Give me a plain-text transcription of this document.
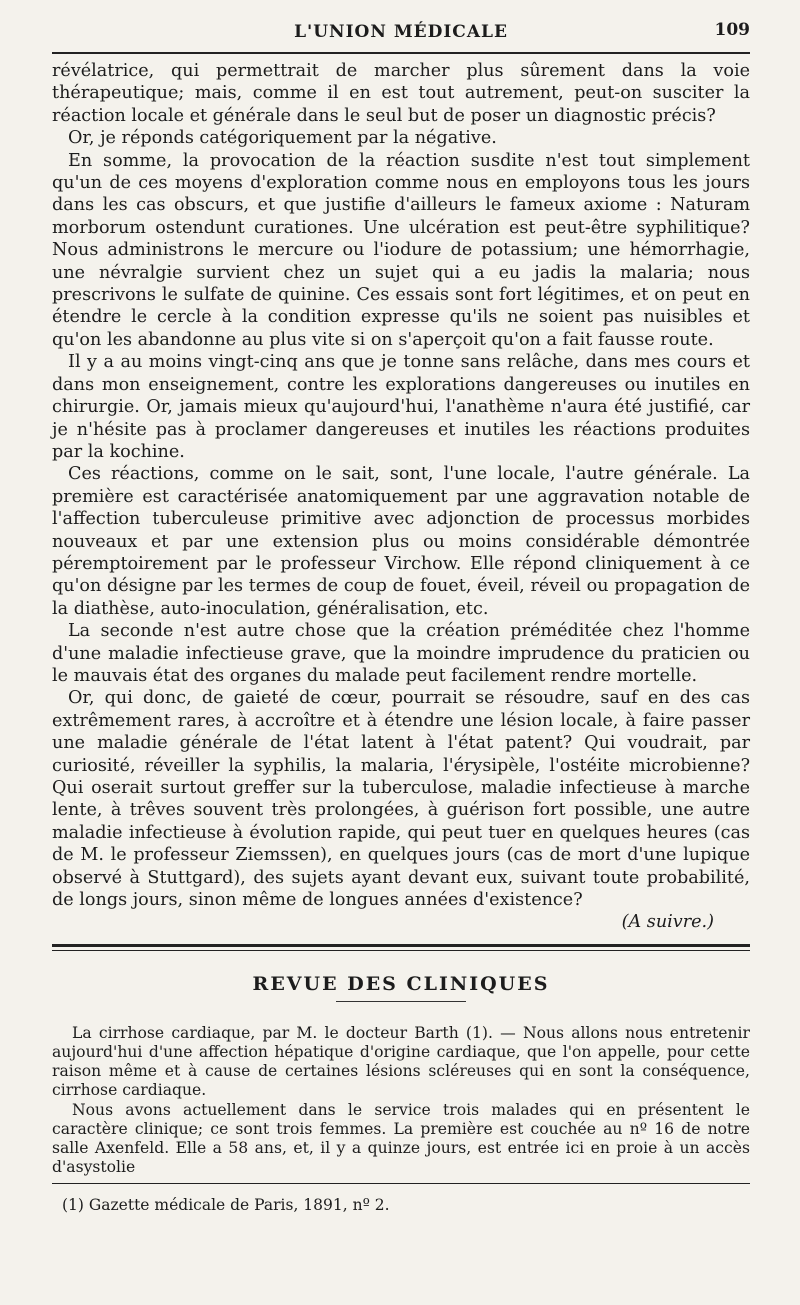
L'UNION MÉDICALE	109

révélatrice, qui permettrait de marcher plus sûrement dans la voie thérapeutique; mais, comme il en est tout autrement, peut-on susciter la réaction locale et générale dans le seul but de poser un diagnostic précis?

Or, je réponds catégoriquement par la négative.

En somme, la provocation de la réaction susdite n'est tout simplement qu'un de ces moyens d'exploration comme nous en employons tous les jours dans les cas obscurs, et que justifie d'ailleurs le fameux axiome : Naturam morborum ostendunt curationes. Une ulcération est peut-être syphilitique? Nous administrons le mercure ou l'iodure de potassium; une hémorrhagie, une névralgie survient chez un sujet qui a eu jadis la malaria; nous prescrivons le sulfate de quinine. Ces essais sont fort légitimes, et on peut en étendre le cercle à la condition expresse qu'ils ne soient pas nuisibles et qu'on les abandonne au plus vite si on s'aperçoit qu'on a fait fausse route.

Il y a au moins vingt-cinq ans que je tonne sans relâche, dans mes cours et dans mon enseignement, contre les explorations dangereuses ou inutiles en chirurgie. Or, jamais mieux qu'aujourd'hui, l'anathème n'aura été justifié, car je n'hésite pas à proclamer dangereuses et inutiles les réactions produites par la kochine.

Ces réactions, comme on le sait, sont, l'une locale, l'autre générale. La première est caractérisée anatomiquement par une aggravation notable de l'affection tuberculeuse primitive avec adjonction de processus morbides nouveaux et par une extension plus ou moins considérable démontrée péremptoirement par le professeur Virchow. Elle répond cliniquement à ce qu'on désigne par les termes de coup de fouet, éveil, réveil ou propagation de la diathèse, auto-inoculation, généralisation, etc.

La seconde n'est autre chose que la création préméditée chez l'homme d'une maladie infectieuse grave, que la moindre imprudence du praticien ou le mauvais état des organes du malade peut facilement rendre mortelle.

Or, qui donc, de gaieté de cœur, pourrait se résoudre, sauf en des cas extrêmement rares, à accroître et à étendre une lésion locale, à faire passer une maladie générale de l'état latent à l'état patent? Qui voudrait, par curiosité, réveiller la syphilis, la malaria, l'érysipèle, l'ostéite microbienne? Qui oserait surtout greffer sur la tuberculose, maladie infectieuse à marche lente, à trêves souvent très prolongées, à guérison fort possible, une autre maladie infectieuse à évolution rapide, qui peut tuer en quelques heures (cas de M. le professeur Ziemssen), en quelques jours (cas de mort d'une lupique observé à Stuttgard), des sujets ayant devant eux, suivant toute probabilité, de longs jours, sinon même de longues années d'existence?

(A suivre.)

REVUE DES CLINIQUES

La cirrhose cardiaque, par M. le docteur Barth (1). — Nous allons nous entretenir aujourd'hui d'une affection hépatique d'origine cardiaque, que l'on appelle, pour cette raison même et à cause de certaines lésions scléreuses qui en sont la conséquence, cirrhose cardiaque.

Nous avons actuellement dans le service trois malades qui en présentent le caractère clinique; ce sont trois femmes. La première est couchée au nº 16 de notre salle Axenfeld. Elle a 58 ans, et, il y a quinze jours, est entrée ici en proie à un accès d'asystolie

(1) Gazette médicale de Paris, 1891, nº 2.
